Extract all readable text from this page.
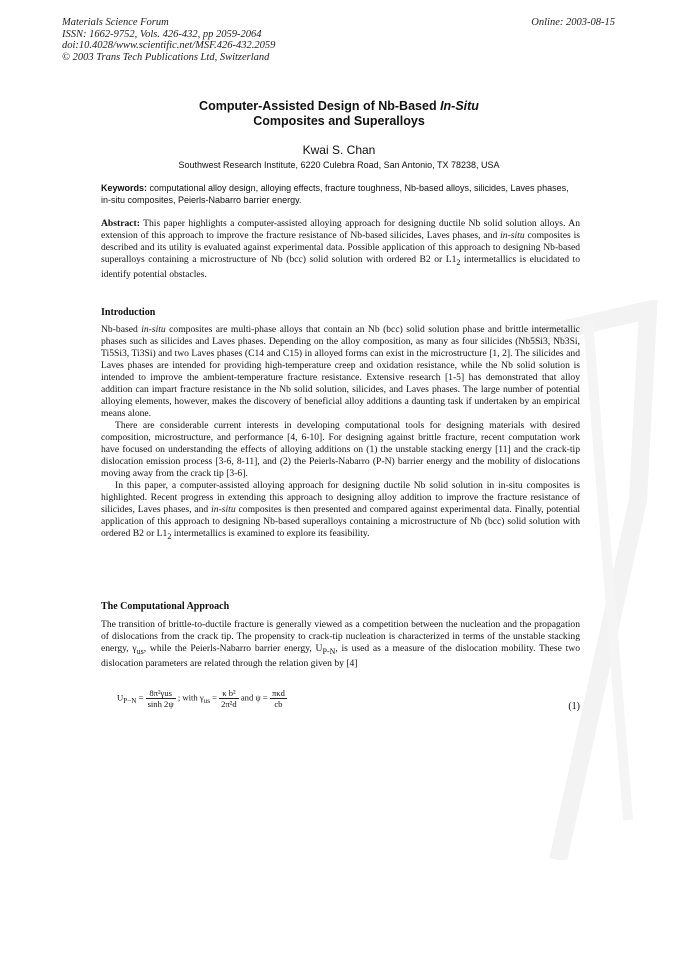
Materials Science Forum
ISSN: 1662-9752, Vols. 426-432, pp 2059-2064
doi:10.4028/www.scientific.net/MSF.426-432.2059
© 2003 Trans Tech Publications Ltd, Switzerland
Online: 2003-08-15
Computer-Assisted Design of Nb-Based In-Situ
Composites and Superalloys
Kwai S. Chan
Southwest Research Institute, 6220 Culebra Road, San Antonio, TX 78238, USA
Keywords: computational alloy design, alloying effects, fracture toughness, Nb-based alloys, silicides, Laves phases, in-situ composites, Peierls-Nabarro barrier energy.

Abstract: This paper highlights a computer-assisted alloying approach for designing ductile Nb solid solution alloys. An extension of this approach to improve the fracture resistance of Nb-based silicides, Laves phases, and in-situ composites is described and its utility is evaluated against experimental data. Possible application of this approach to designing Nb-based superalloys containing a microstructure of Nb (bcc) solid solution with ordered B2 or $L1_2$ intermetallics is elucidated to identify potential obstacles.

Introduction

Nb-based in-situ composites are multi-phase alloys that contain an Nb (bcc) solid solution phase and brittle intermetallic phases such as silicides and Laves phases. Depending on the alloy composition, as many as four silicides (Nb5Si3, Nb3Si, Ti5Si3, Ti3Si) and two Laves phases (C14 and C15) in alloyed forms can exist in the microstructure [1, 2]. The silicides and Laves phases are intended for providing high-temperature creep and oxidation resistance, while the Nb solid solution is intended to improve the ambient-temperature fracture resistance. Extensive research [1-5] has demonstrated that alloy addition can impart fracture resistance in the Nb solid solution, silicides, and Laves phases. The large number of potential alloying elements, however, makes the discovery of beneficial alloy additions a daunting task if undertaken by an empirical means alone.

There are considerable current interests in developing computational tools for designing materials with desired composition, microstructure, and performance [4, 6-10]. For designing against brittle fracture, recent computation work have focused on understanding the effects of alloying additions on (1) the unstable stacking energy [11] and the crack-tip dislocation emission process [3-6, 8-11], and (2) the Peierls-Nabarro (P-N) barrier energy and the mobility of dislocations moving away from the crack tip [3-6].

In this paper, a computer-assisted alloying approach for designing ductile Nb solid solution in in-situ composites is highlighted. Recent progress in extending this approach to designing alloy addition to improve the fracture resistance of silicides, Laves phases, and in-situ composites is then presented and compared against experimental data. Finally, potential application of this approach to designing Nb-based superalloys containing a microstructure of Nb (bcc) solid solution with ordered B2 or $L1_2$ intermetallics is examined to explore its feasibility.

The Computational Approach

The transition of brittle-to-ductile fracture is generally viewed as a competition between the nucleation and the propagation of dislocations from the crack tip. The propensity to crack-tip nucleation is characterized in terms of the unstable stacking energy, $\gamma_{us}$, while the Peierls-Nabarro barrier energy, $U_{P-N}$, is used as a measure of the dislocation mobility. These two dislocation parameters are related through the relation given by [4]

$U_{P-N} = \frac{\text{8π²γus}}{\sinh 2\psi}$ ; with $\gamma_{us} = \frac{\text{κ b²}}{\text{2π²d}}$ and $\psi = \frac{\text{πκd}}{cb}$	(1)
